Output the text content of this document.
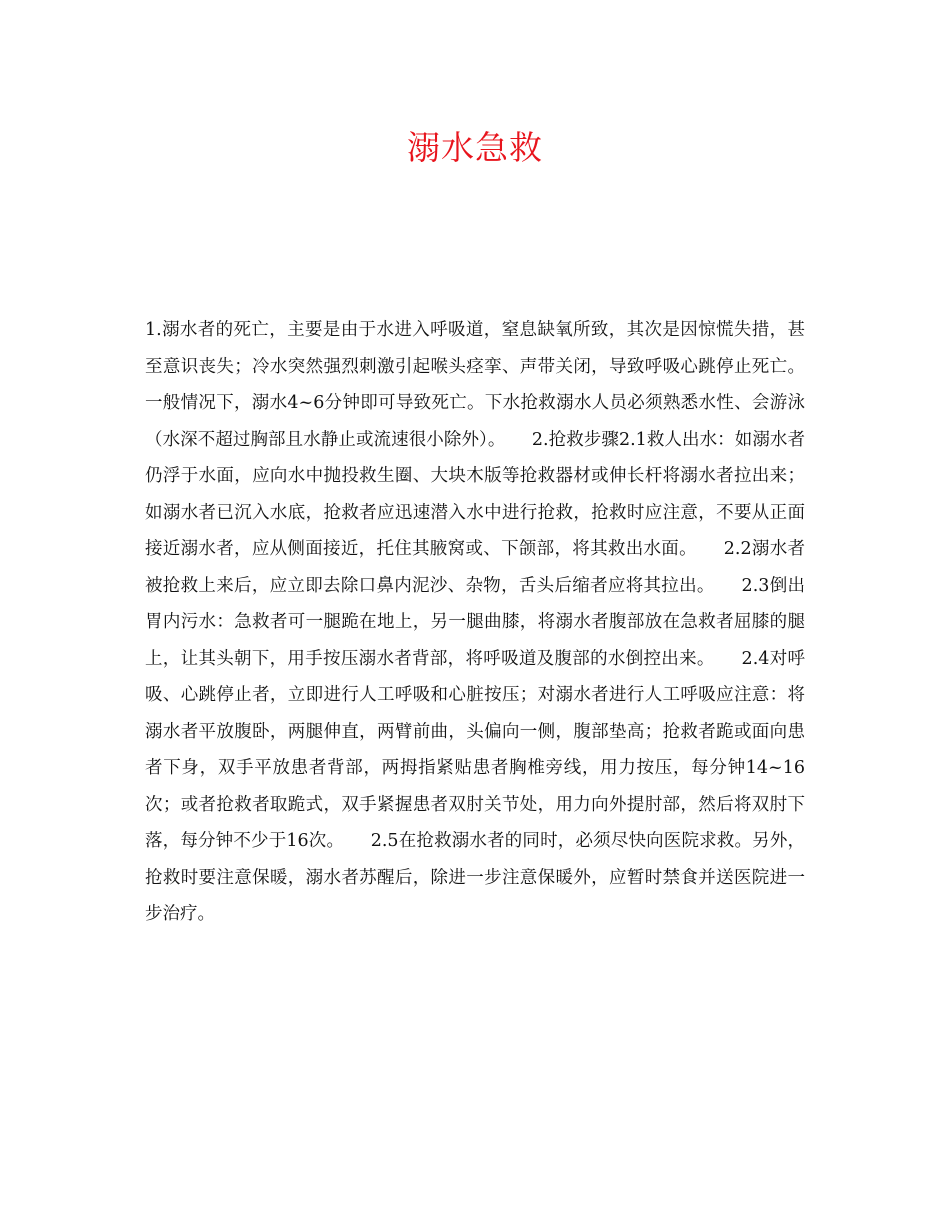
溺水急救

1.溺水者的死亡，主要是由于水进入呼吸道，窒息缺氧所致，其次是因惊慌失措，甚至意识丧失；冷水突然强烈刺激引起喉头痉挛、声带关闭，导致呼吸心跳停止死亡。一般情况下，溺水4~6分钟即可导致死亡。下水抢救溺水人员必须熟悉水性、会游泳（水深不超过胸部且水静止或流速很小除外）。　　2.抢救步骤2.1救人出水：如溺水者仍浮于水面，应向水中抛投救生圈、大块木版等抢救器材或伸长杆将溺水者拉出来；如溺水者已沉入水底，抢救者应迅速潜入水中进行抢救，抢救时应注意，不要从正面接近溺水者，应从侧面接近，托住其腋窝或、下颌部，将其救出水面。　　2.2溺水者被抢救上来后，应立即去除口鼻内泥沙、杂物，舌头后缩者应将其拉出。　　2.3倒出胃内污水：急救者可一腿跪在地上，另一腿曲膝，将溺水者腹部放在急救者屈膝的腿上，让其头朝下，用手按压溺水者背部，将呼吸道及腹部的水倒控出来。　　2.4对呼吸、心跳停止者，立即进行人工呼吸和心脏按压；对溺水者进行人工呼吸应注意：将溺水者平放腹卧，两腿伸直，两臂前曲，头偏向一侧，腹部垫高；抢救者跪或面向患者下身，双手平放患者背部，两拇指紧贴患者胸椎旁线，用力按压，每分钟14~16次；或者抢救者取跪式，双手紧握患者双肘关节处，用力向外提肘部，然后将双肘下落，每分钟不少于16次。　　2.5在抢救溺水者的同时，必须尽快向医院求救。另外，抢救时要注意保暖，溺水者苏醒后，除进一步注意保暖外，应暂时禁食并送医院进一步治疗。
